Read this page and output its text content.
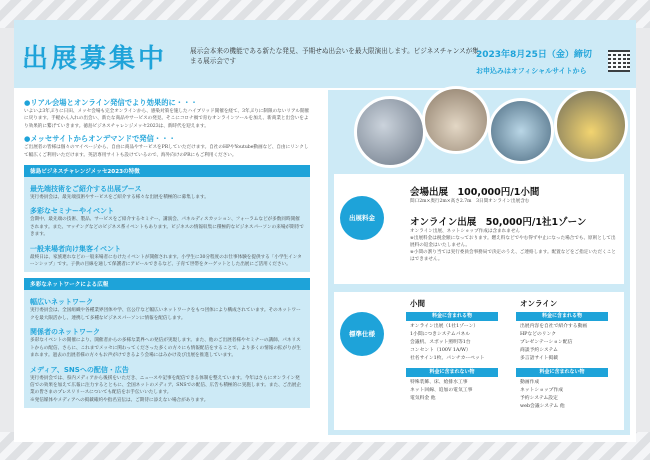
出展募集中	展示会本来の機能である新たな発見、予期せぬ出会いを最大限演出します。ビジネスチャンスが集まる展示会です
2023年8月25日（金）締切
お申込みはオフィシャルサイトから
●リアル会場とオンライン発信でより効果的に・・・
いよいよ3年ぶりに日田、メッセ会場も完全オンラインから、感染対策を施したハイブリッド開催を経て、3年ぶりに制限のないリアル開催に戻ります。手軽かん入れの出会い、新たな商品やサービスの発見、そこにコロナ禍で育むオンラインツールを加え、新商業と出会いをより効果的に繋げていきます。徳島ビジネスチャレンジメッセ2023は、新時代を迎えます。
●メッセサイトからオンデマンドで発信・・・
ご出展者の皆様は個々のマイページから、自由に商品やサービスをPRしていただけます。自社のHPやYoutube動画など、自由にリンクして幅広くご利用いただけます。英語専用サイトも設けているので、海外向けのPRにもご利用ください。
徳島ビジネスチャレンジメッセ2023の特徴
最先端技術をご紹介する出展ブース
実行委員会は、最先端技術やサービスをご紹介する様々な出展を積極的に募集します。
多彩なセミナーやイベント
会期中、最先端の技術、製品、サービスをご紹介するセミナー、講演会、パネルディスカッション、フォーラムなどが多数同時開催されます。また、マッチングなどのビジネス系イベントもあります。ビジネスの情報収集に積極的なビジネスパーソンの来場が期待できます。
一般来場者向け集客イベント
最終日は、家族連れなどの一般来場者にむけたイベントが開催されます。小学生に30分程度のお仕事体験を提供する「小学生インターンシップ」です。子供の目線を通して保護者にアピールできるなど、子育て世帯をターゲットとした出展にご活用ください。
多彩なネットワークによる広報
幅広いネットワーク
実行委員会は、全国組織や各種業界団体や学、官公庁など幅広いネットワークをもつ団体により構成されています。そのネットワークを最大限活かし、連携して多種なビジネスパーソンに情報を配信します。
関係者のネットワーク
多彩なイベントの開催により、開催者からの多様な業界への発信が実現します。また、他のご出展者様やセミナーの講師、パネリストからの配信、さらに、これまでメッセに関わってくださった多くの方々にも情報配信をすることで、より多くの情報の拡がりが生まれます。過去の出展者様の方々もお声がけできるよう会場にはみかけ及び出展を推進しています。
メディア、SNSへの配信・広告
実行委員会では、県内メディアから後援をいただき、ニュースや記事を配信できる体制を整えています。今年はさらにオンライン発信での効果を加えて広報に注力するとともに、全国ネットのメディア、SNSでの配信、広告も積極的に実施します。また、ご出展企業の皆さまのプレスリリースについても配信をお手伝いいたします。
※発信媒体やメディアへの掲載確約や指名宣伝は、ご期待に添えない場合があります。
出展料金
会場出展　100,000円/1小間
間口2m×奥行2m×高さ2.7m　3日間オンライン出展含む
オンライン出展　50,000円/1社1ゾーン
オンライン出展、ネットショップ作成は含まれません
※出展料金は税金額になっております。燃え料などでやむ得ず中止になった場合でも、原則として出展料の返金はいたしません。
※小間の割り当ては実行委員会事務局で決定のうえ、ご連絡します。配置などをご指定いただくことはできません。
標準仕様
小間	オンライン
料金に含まれる物
オンライン出展（1社1ゾーン）
1小間につきシステムパネル
会議机、スポット照明等1台
コンセント（100V 1A/W）
社名サイン1枚、パンチカーペット
料金に含まれない物
特殊装飾、床、給排水工事
ネット回線、追加の電気工事
電気料金 他
料金に含まれる物
出展内容を自社で紹介する動画
HPなどのリンク
プレゼンテーション配信
商談予約システム
多言語サイト掲載
料金に含まれない物
動画作成
ネットショップ作成
予約システム設定
web会議システム 他
